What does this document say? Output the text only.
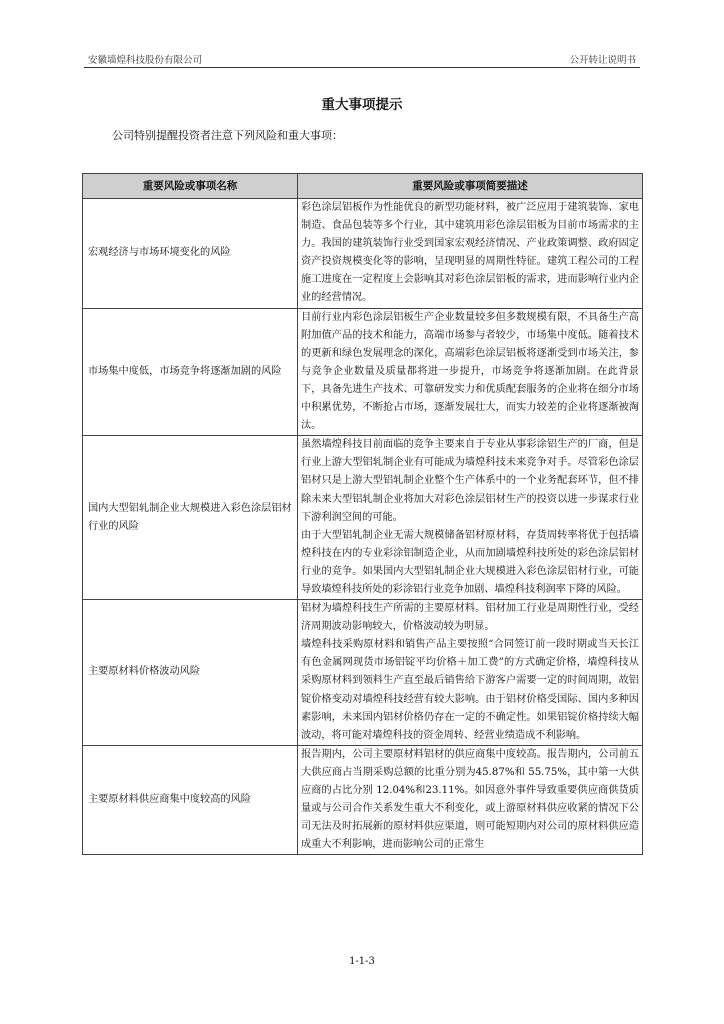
安徽墙煌科技股份有限公司	公开转让说明书
重大事项提示
公司特别提醒投资者注意下列风险和重大事项：
重要风险或事项名称	重要风险或事项简要描述
宏观经济与市场环境变化的风险	彩色涂层铝板作为性能优良的新型功能材料，被广泛应用于建筑装饰、家电制造、食品包装等多个行业，其中建筑用彩色涂层铝板为目前市场需求的主力。我国的建筑装饰行业受到国家宏观经济情况、产业政策调整、政府固定资产投资规模变化等的影响，呈现明显的周期性特征。建筑工程公司的工程施工进度在一定程度上会影响其对彩色涂层铝板的需求，进而影响行业内企业的经营情况。

市场集中度低，市场竞争将逐渐加剧的风险	目前行业内彩色涂层铝板生产企业数量较多但多数规模有限，不具备生产高附加值产品的技术和能力，高端市场参与者较少，市场集中度低。随着技术的更新和绿色发展理念的深化，高端彩色涂层铝板将逐渐受到市场关注，参与竞争企业数量及质量都将进一步提升，市场竞争将逐渐加剧。在此背景下，具备先进生产技术、可靠研发实力和优质配套服务的企业将在细分市场中积累优势，不断抢占市场，逐渐发展壮大，而实力较差的企业将逐渐被淘汰。

国内大型铝轧制企业大规模进入彩色涂层铝材行业的风险	虽然墙煌科技目前面临的竞争主要来自于专业从事彩涂铝生产的厂商，但是行业上游大型铝轧制企业有可能成为墙煌科技未来竞争对手。尽管彩色涂层铝材只是上游大型铝轧制企业整个生产体系中的一个业务配套环节，但不排除未来大型铝轧制企业将加大对彩色涂层铝材生产的投资以进一步谋求行业下游利润空间的可能。

由于大型铝轧制企业无需大规模储备铝材原材料，存货周转率将优于包括墙煌科技在内的专业彩涂铝制造企业，从而加剧墙煌科技所处的彩色涂层铝材行业的竞争。如果国内大型铝轧制企业大规模进入彩色涂层铝材行业，可能导致墙煌科技所处的彩涂铝行业竞争加剧、墙煌科技利润率下降的风险。

主要原材料价格波动风险	铝材为墙煌科技生产所需的主要原材料。铝材加工行业是周期性行业，受经济周期波动影响较大，价格波动较为明显。

墙煌科技采购原材料和销售产品主要按照“合同签订前一段时期或当天长江有色金属网现货市场铝锭平均价格＋加工费”的方式确定价格，墙煌科技从采购原材料到领料生产直至最后销售给下游客户需要一定的时间周期，故铝锭价格变动对墙煌科技经营有较大影响。由于铝材价格受国际、国内多种因素影响，未来国内铝材价格仍存在一定的不确定性。如果铝锭价格持续大幅波动，将可能对墙煌科技的资金周转、经营业绩造成不利影响。

主要原材料供应商集中度较高的风险	报告期内，公司主要原材料铝材的供应商集中度较高。报告期内，公司前五大供应商占当期采购总额的比重分别为45.87%和 55.75%，其中第一大供应商的占比分别 12.04%和23.11%。如因意外事件导致重要供应商供货质量或与公司合作关系发生重大不利变化，或上游原材料供应收紧的情况下公司无法及时拓展新的原材料供应渠道，则可能短期内对公司的原材料供应造成重大不利影响，进而影响公司的正常生

1-1-3
